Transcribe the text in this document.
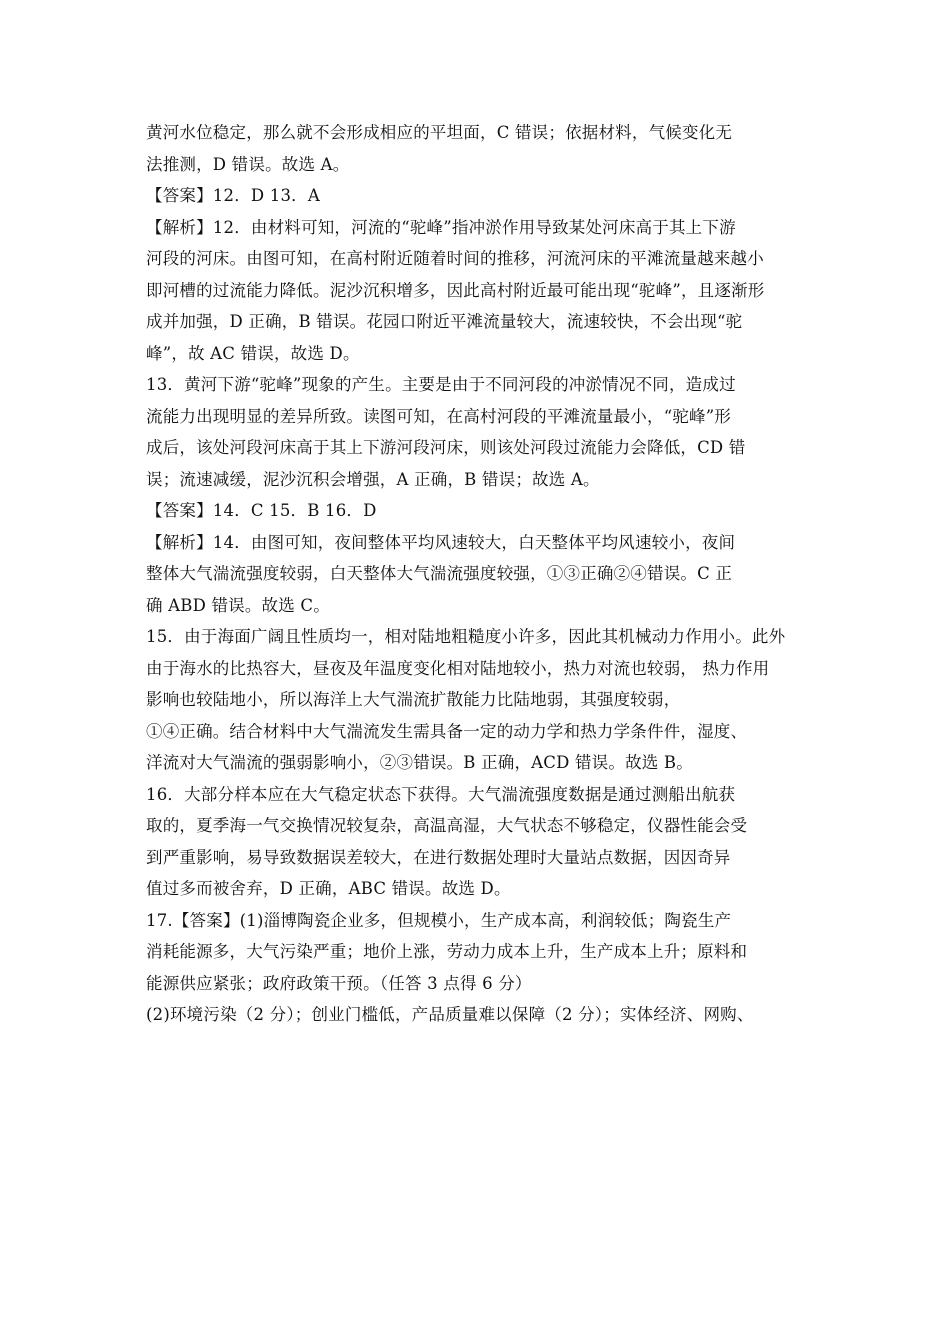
黄河水位稳定，那么就不会形成相应的平坦面，C 错误；依据材料，气候变化无
法推测，D 错误。故选 A。
【答案】12．D 13．A
【解析】12．由材料可知，河流的“驼峰”指冲淤作用导致某处河床高于其上下游
河段的河床。由图可知，在高村附近随着时间的推移，河流河床的平滩流量越来越小
即河槽的过流能力降低。泥沙沉积增多，因此高村附近最可能出现“驼峰”，且逐渐形
成并加强，D 正确，B 错误。花园口附近平滩流量较大，流速较快，不会出现“驼
峰”，故 AC 错误，故选 D。
13．黄河下游“驼峰”现象的产生。主要是由于不同河段的冲淤情况不同，造成过
流能力出现明显的差异所致。读图可知，在高村河段的平滩流量最小，“驼峰”形
成后，该处河段河床高于其上下游河段河床，则该处河段过流能力会降低，CD 错
误；流速减缓，泥沙沉积会增强，A 正确，B 错误；故选 A。
【答案】14．C 15．B 16．D
【解析】14．由图可知，夜间整体平均风速较大，白天整体平均风速较小，夜间
整体大气湍流强度较弱，白天整体大气湍流强度较强，①③正确②④错误。C 正
确 ABD 错误。故选 C。
15．由于海面广阔且性质均一，相对陆地粗糙度小许多，因此其机械动力作用小。此外
由于海水的比热容大，昼夜及年温度变化相对陆地较小，热力对流也较弱， 热力作用
影响也较陆地小，所以海洋上大气湍流扩散能力比陆地弱，其强度较弱，
①④正确。结合材料中大气湍流发生需具备一定的动力学和热力学条件件，湿度、
洋流对大气湍流的强弱影响小，②③错误。B 正确，ACD 错误。故选 B。
16．大部分样本应在大气稳定状态下获得。大气湍流强度数据是通过测船出航获
取的，夏季海一气交换情况较复杂，高温高湿，大气状态不够稳定，仪器性能会受
到严重影响，易导致数据误差较大，在进行数据处理时大量站点数据，因因奇异
值过多而被舍弃，D 正确，ABC 错误。故选 D。
17.【答案】(1)淄博陶瓷企业多，但规模小，生产成本高，利润较低；陶瓷生产
消耗能源多，大气污染严重；地价上涨，劳动力成本上升，生产成本上升；原料和
能源供应紧张；政府政策干预。（任答 3 点得 6 分）
(2)环境污染（2 分）；创业门槛低，产品质量难以保障（2 分）；实体经济、网购、
